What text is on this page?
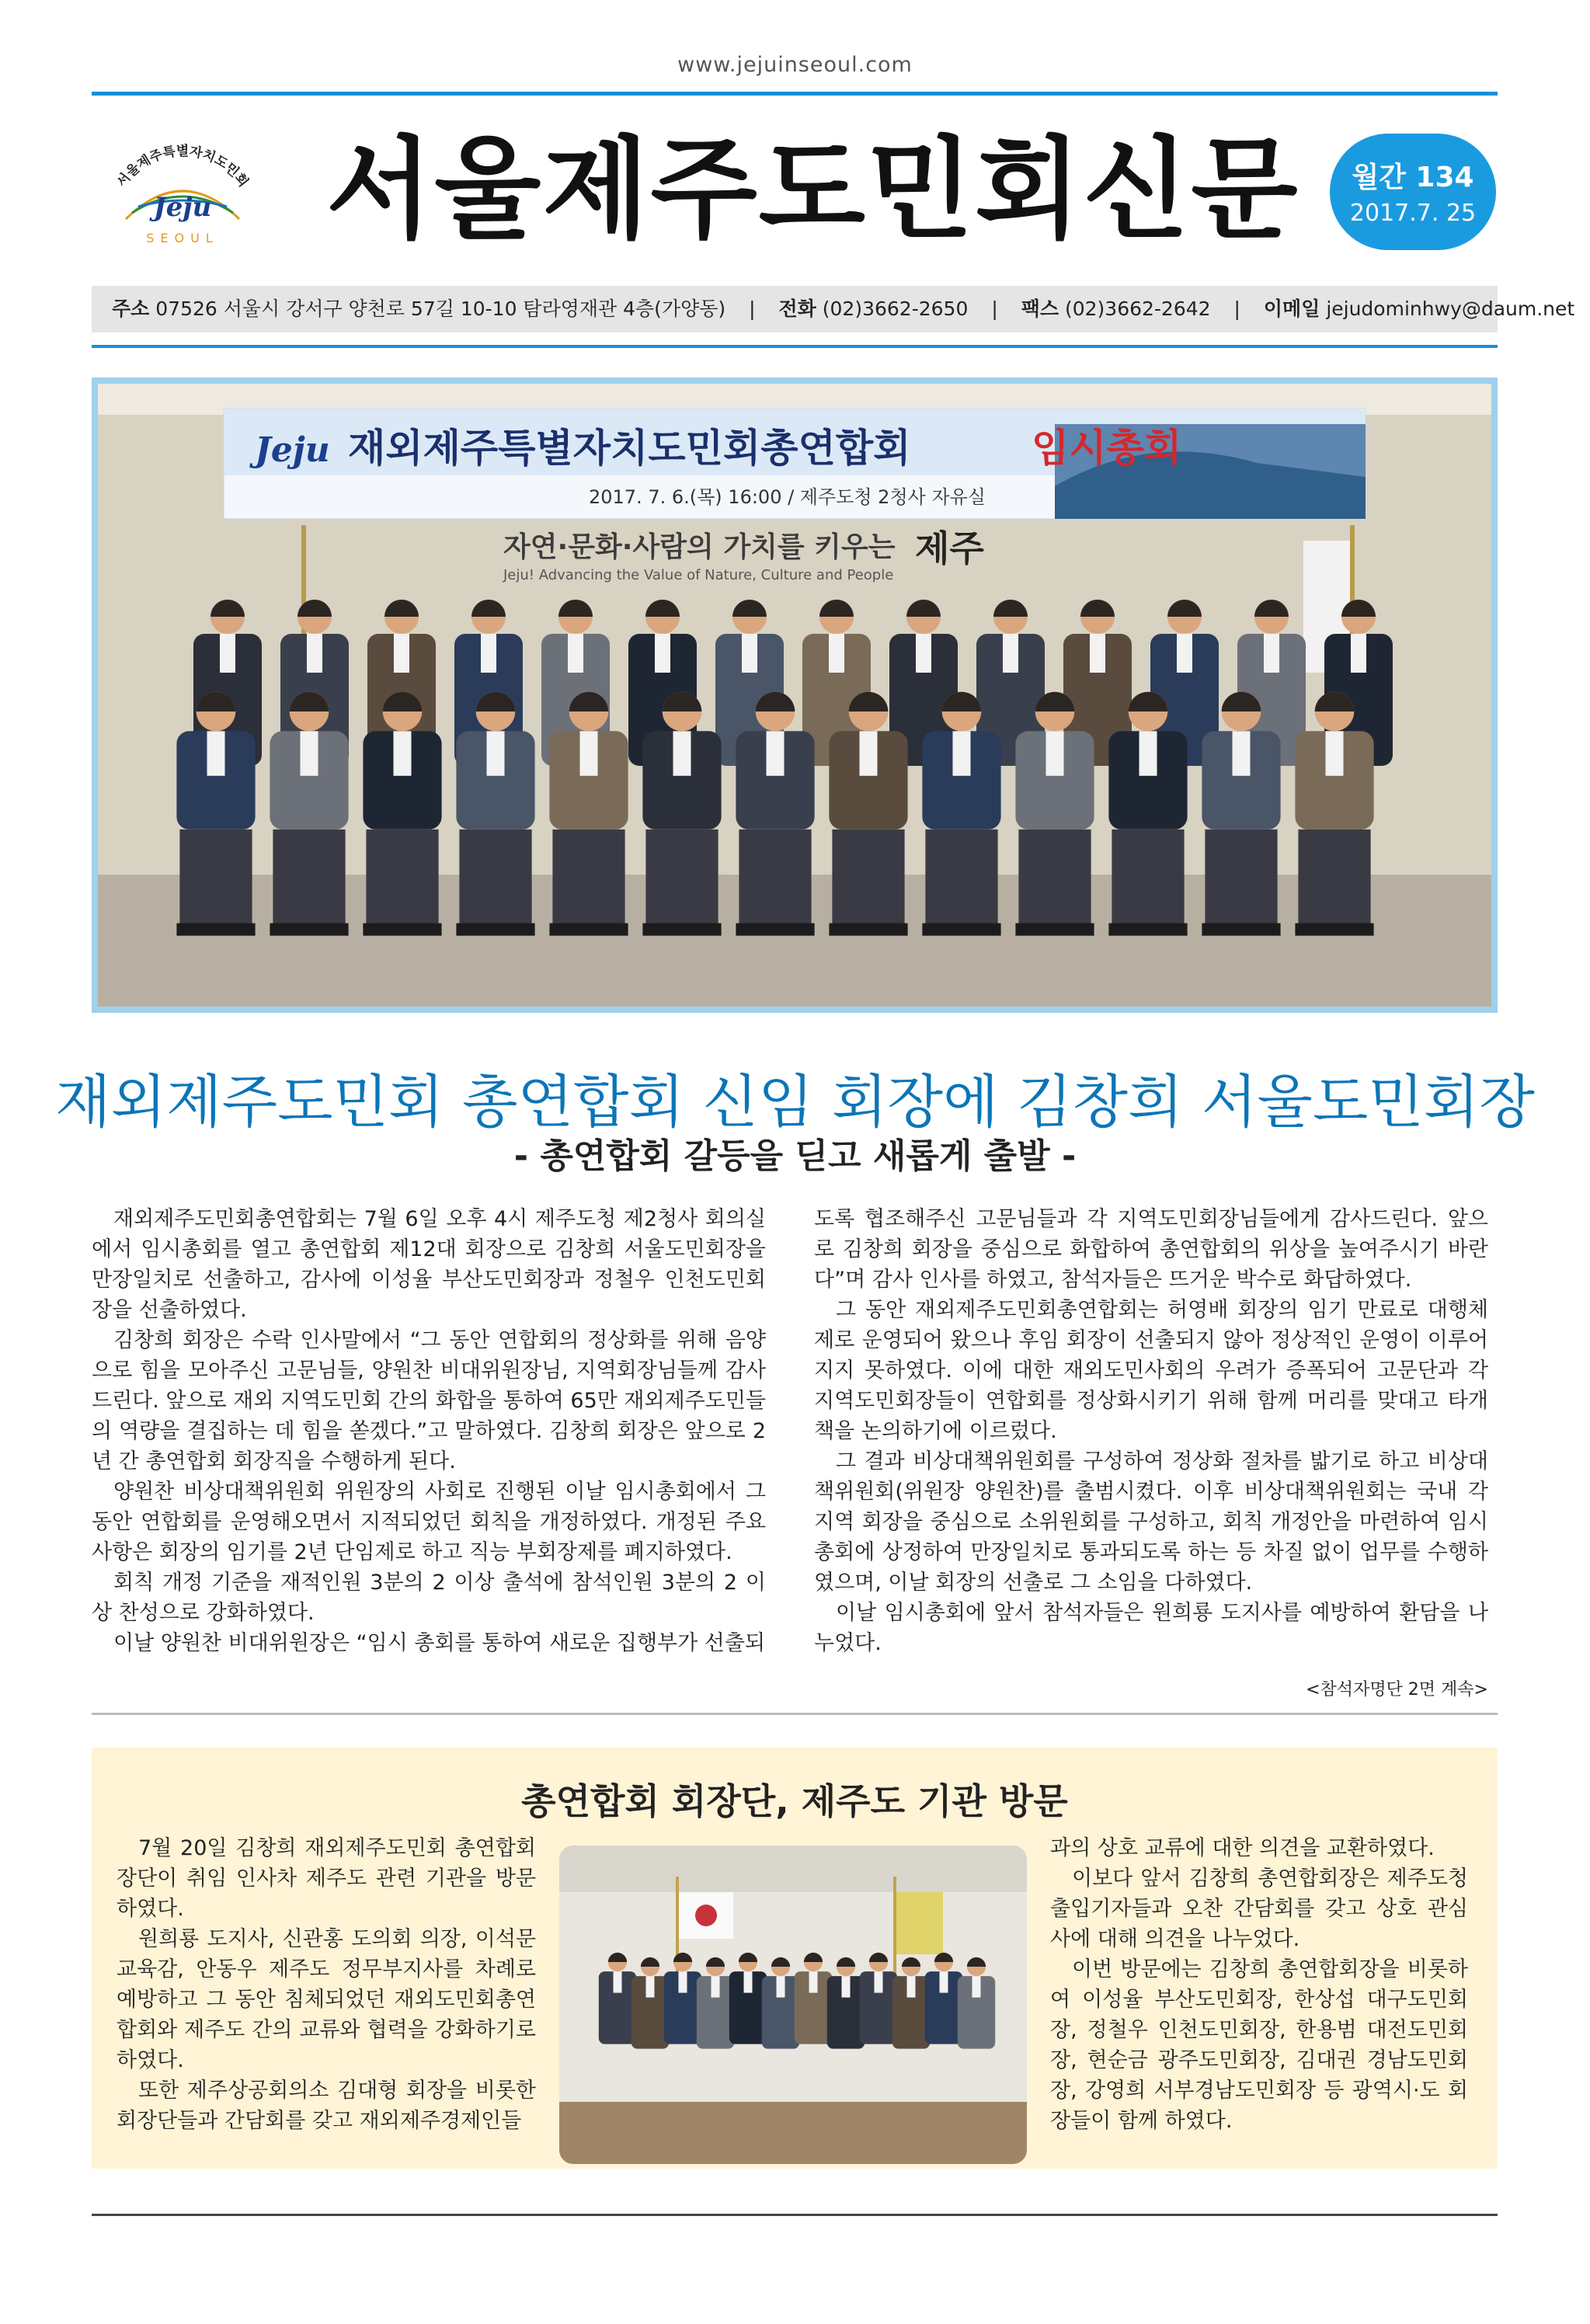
www.jejuinseoul.com
서울제주특별자치도민회
Jeju
SEOUL 서울제주도민회신문	월간 134
2017.7. 25
주소 07526 서울시 강서구 양천로 57길 10-10 탐라영재관 4층(가양동) | 전화 (02)3662-2650 | 팩스 (02)3662-2642 | 이메일 jejudominhwy@daum.net
Jeju 재외제주특별자치도민회총연합회	임시총회
2017. 7. 6.(목) 16:00 / 제주도청 2청사 자유실
자연·문화·사람의 가치를 키우는 제주
Jeju! Advancing the Value of Nature, Culture and People
재외제주도민회 총연합회 신임 회장에 김창희 서울도민회장
- 총연합회 갈등을 딛고 새롭게 출발 -

재외제주도민회총연합회는 7월 6일 오후 4시 제주도청 제2청사 회의실에서 임시총회를 열고 총연합회 제12대 회장으로 김창희 서울도민회장을 만장일치로 선출하고, 감사에 이성율 부산도민회장과 정철우 인천도민회장을 선출하였다.

김창희 회장은 수락 인사말에서 “그 동안 연합회의 정상화를 위해 음양으로 힘을 모아주신 고문님들, 양원찬 비대위원장님, 지역회장님들께 감사드린다. 앞으로 재외 지역도민회 간의 화합을 통하여 65만 재외제주도민들의 역량을 결집하는 데 힘을 쏟겠다.”고 말하였다. 김창희 회장은 앞으로 2년 간 총연합회 회장직을 수행하게 된다.

양원찬 비상대책위원회 위원장의 사회로 진행된 이날 임시총회에서 그 동안 연합회를 운영해오면서 지적되었던 회칙을 개정하였다. 개정된 주요 사항은 회장의 임기를 2년 단임제로 하고 직능 부회장제를 폐지하였다.

회칙 개정 기준을 재적인원 3분의 2 이상 출석에 참석인원 3분의 2 이상 찬성으로 강화하였다.

이날 양원찬 비대위원장은 “임시 총회를 통하여 새로운 집행부가 선출되

도록 협조해주신 고문님들과 각 지역도민회장님들에게 감사드린다. 앞으로 김창희 회장을 중심으로 화합하여 총연합회의 위상을 높여주시기 바란다”며 감사 인사를 하였고, 참석자들은 뜨거운 박수로 화답하였다.

그 동안 재외제주도민회총연합회는 허영배 회장의 임기 만료로 대행체제로 운영되어 왔으나 후임 회장이 선출되지 않아 정상적인 운영이 이루어지지 못하였다. 이에 대한 재외도민사회의 우려가 증폭되어 고문단과 각 지역도민회장들이 연합회를 정상화시키기 위해 함께 머리를 맞대고 타개책을 논의하기에 이르렀다.

그 결과 비상대책위원회를 구성하여 정상화 절차를 밟기로 하고 비상대책위원회(위원장 양원찬)를 출범시켰다. 이후 비상대책위원회는 국내 각 지역 회장을 중심으로 소위원회를 구성하고, 회칙 개정안을 마련하여 임시총회에 상정하여 만장일치로 통과되도록 하는 등 차질 없이 업무를 수행하였으며, 이날 회장의 선출로 그 소임을 다하였다.

이날 임시총회에 앞서 참석자들은 원희룡 도지사를 예방하여 환담을 나누었다.

<참석자명단 2면 계속>
총연합회 회장단, 제주도 기관 방문

7월 20일 김창희 재외제주도민회 총연합회장단이 취임 인사차 제주도 관련 기관을 방문하였다.

원희룡 도지사, 신관홍 도의회 의장, 이석문 교육감, 안동우 제주도 정무부지사를 차례로 예방하고 그 동안 침체되었던 재외도민회총연합회와 제주도 간의 교류와 협력을 강화하기로 하였다.

또한 제주상공회의소 김대형 회장을 비롯한 회장단들과 간담회를 갖고 재외제주경제인들

과의 상호 교류에 대한 의견을 교환하였다.

이보다 앞서 김창희 총연합회장은 제주도청 출입기자들과 오찬 간담회를 갖고 상호 관심사에 대해 의견을 나누었다.

이번 방문에는 김창희 총연합회장을 비롯하여 이성율 부산도민회장, 한상섭 대구도민회장, 정철우 인천도민회장, 한용범 대전도민회장, 현순금 광주도민회장, 김대권 경남도민회장, 강영희 서부경남도민회장 등 광역시·도 회장들이 함께 하였다.
